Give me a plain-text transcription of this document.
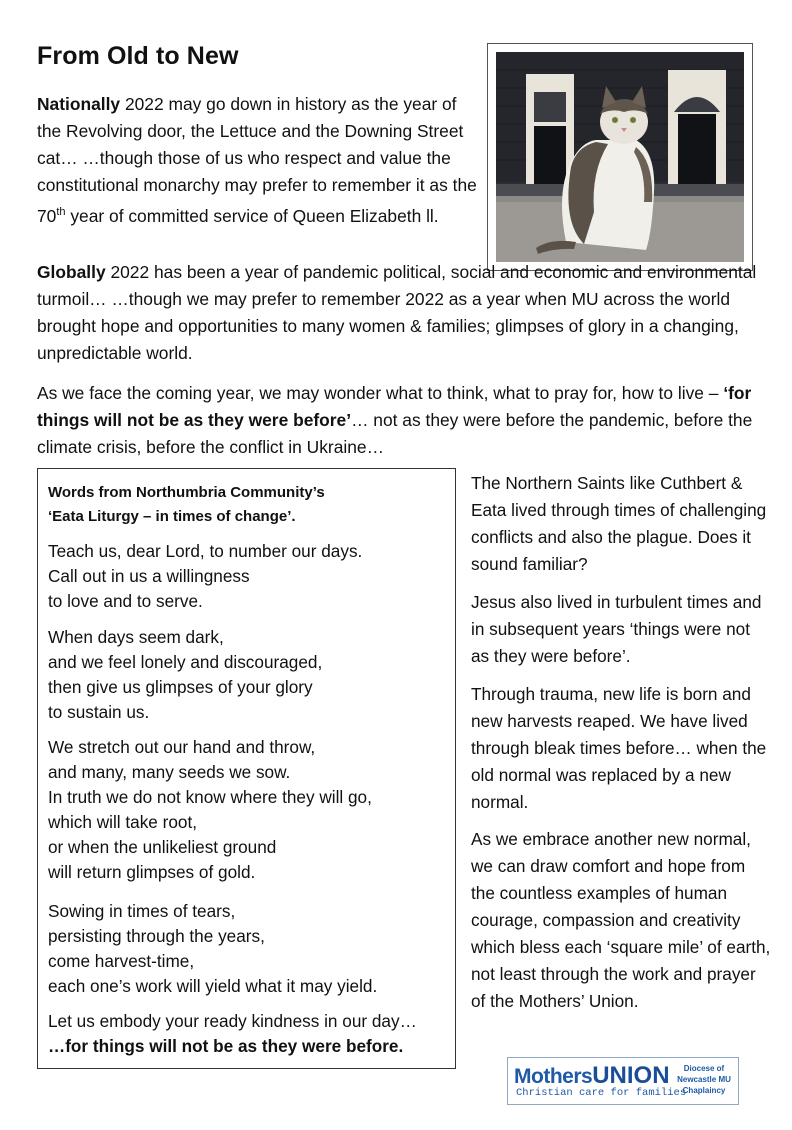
From Old to New

Nationally 2022 may go down in history as the year of the Revolving door, the Lettuce and the Downing Street cat… …though those of us who respect and value the constitutional monarchy may prefer to remember it as the 70th year of committed service of Queen Elizabeth ll.

Globally 2022 has been a year of pandemic political, social and economic and environmental turmoil… …though we may prefer to remember 2022 as a year when MU across the world brought hope and opportunities to many women & families; glimpses of glory in a changing, unpredictable world.

As we face the coming year, we may wonder what to think, what to pray for, how to live – ‘for things will not be as they were before’… not as they were before the pandemic, before the climate crisis, before the conflict in Ukraine…

Words from Northumbria Community’s
‘Eata Liturgy – in times of change’.

Teach us, dear Lord, to number our days.
Call out in us a willingness
to love and to serve.

When days seem dark,
and we feel lonely and discouraged,
then give us glimpses of your glory
to sustain us.

We stretch out our hand and throw,
and many, many seeds we sow.
In truth we do not know where they will go,
which will take root,
or when the unlikeliest ground
will return glimpses of gold.

Sowing in times of tears,
persisting through the years,
come harvest-time,
each one’s work will yield what it may yield.

Let us embody your ready kindness in our day…
…for things will not be as they were before.

The Northern Saints like Cuthbert & Eata lived through times of challenging conflicts and also the plague. Does it sound familiar?

Jesus also lived in turbulent times and in subsequent years ‘things were not as they were before’.

Through trauma, new life is born and new harvests reaped. We have lived through bleak times before… when the old normal was replaced by a new normal.

As we embrace another new normal, we can draw comfort and hope from the countless examples of human courage, compassion and creativity which bless each ‘square mile’ of earth, not least through the work and prayer of the Mothers’ Union.

MothersUNION
Christian care for families
Diocese of
Newcastle MU
Chaplaincy
